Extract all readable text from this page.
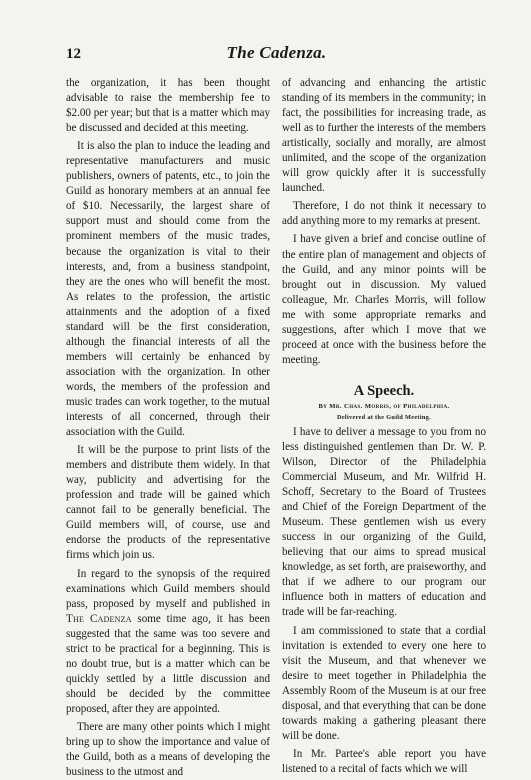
12	The Cadenza.

the organization, it has been thought advisable to raise the membership fee to $2.00 per year; but that is a matter which may be discussed and decided at this meeting.

It is also the plan to induce the leading and representative manufacturers and music publishers, owners of patents, etc., to join the Guild as honorary members at an annual fee of $10. Necessarily, the largest share of support must and should come from the prominent members of the music trades, because the organization is vital to their interests, and, from a business standpoint, they are the ones who will benefit the most. As relates to the profession, the artistic attainments and the adoption of a fixed standard will be the first consideration, although the financial interests of all the members will certainly be enhanced by association with the organization. In other words, the members of the profession and music trades can work together, to the mutual interests of all concerned, through their association with the Guild.

It will be the purpose to print lists of the members and distribute them widely. In that way, publicity and advertising for the profession and trade will be gained which cannot fail to be generally beneficial. The Guild members will, of course, use and endorse the products of the representative firms which join us.

In regard to the synopsis of the required examinations which Guild members should pass, proposed by myself and published in The Cadenza some time ago, it has been suggested that the same was too severe and strict to be practical for a beginning. This is no doubt true, but is a matter which can be quickly settled by a little discussion and should be decided by the committee proposed, after they are appointed.

There are many other points which I might bring up to show the importance and value of the Guild, both as a means of developing the business to the utmost and

of advancing and enhancing the artistic standing of its members in the community; in fact, the possibilities for increasing trade, as well as to further the interests of the members artistically, socially and morally, are almost unlimited, and the scope of the organization will grow quickly after it is successfully launched.

Therefore, I do not think it necessary to add anything more to my remarks at present.

I have given a brief and concise outline of the entire plan of management and objects of the Guild, and any minor points will be brought out in discussion. My valued colleague, Mr. Charles Morris, will follow me with some appropriate remarks and suggestions, after which I move that we proceed at once with the business before the meeting.

A Speech.
By Mr. Chas. Morris, of Philadelphia.
Delivered at the Guild Meeting.

I have to deliver a message to you from no less distinguished gentlemen than Dr. W. P. Wilson, Director of the Philadelphia Commercial Museum, and Mr. Wilfrid H. Schoff, Secretary to the Board of Trustees and Chief of the Foreign Department of the Museum. These gentlemen wish us every success in our organizing of the Guild, believing that our aims to spread musical knowledge, as set forth, are praiseworthy, and that if we adhere to our program our influence both in matters of education and trade will be far-reaching.

I am commissioned to state that a cordial invitation is extended to every one here to visit the Museum, and that whenever we desire to meet together in Philadelphia the Assembly Room of the Museum is at our free disposal, and that everything that can be done towards making a gathering pleasant there will be done.

In Mr. Partee's able report you have listened to a recital of facts which we will
